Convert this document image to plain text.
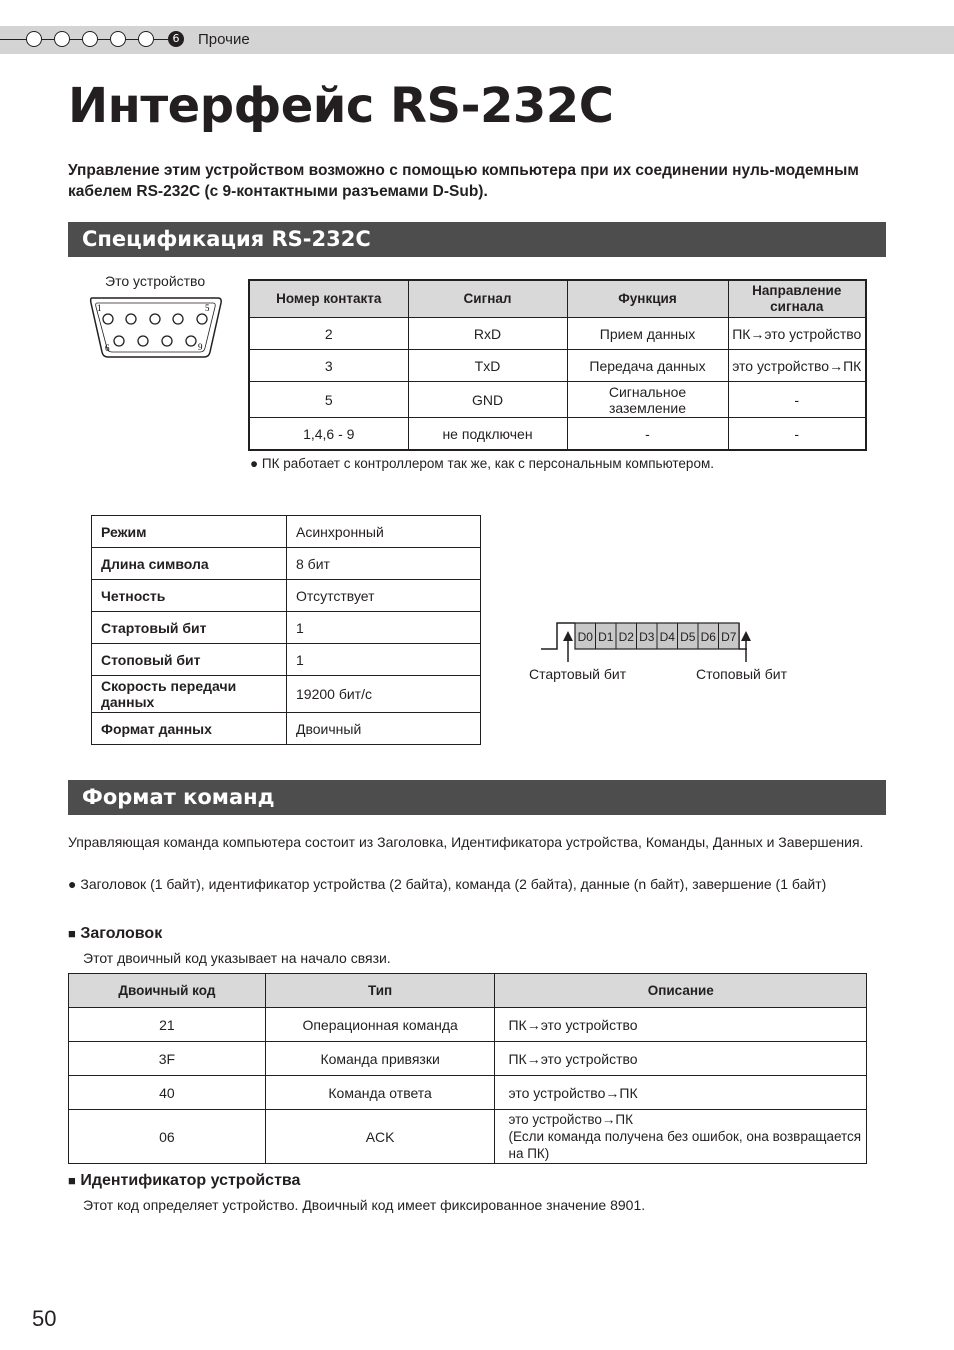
6	Прочие
Интерфейс RS-232C
Управление этим устройством возможно с помощью компьютера при их соединении нуль-модемным кабелем RS-232C (с 9-контактными разъемами D-Sub).
Спецификация RS-232C
Это устройство
1	5
6	9
Номер контакта	Сигнал	Функция	Направление сигнала
2	RxD	Прием данных	ПК→это устройство
3	TxD	Передача данных	это устройство→ПК
5	GND	Сигнальное заземление	-
1,4,6 - 9	не подключен	-	-
● ПК работает с контроллером так же, как с персональным компьютером.
Режим	Асинхронный
Длина символа	8 бит
Четность	Отсутствует
Стартовый бит	1
Стоповый бит	1
Скорость передачи данных	19200 бит/с
Формат данных	Двоичный
D0 D1 D2 D3 D4 D5 D6 D7
Стартовый бит	Стоповый бит
Формат команд
Управляющая команда компьютера состоит из Заголовка, Идентификатора устройства, Команды, Данных и Завершения.
● Заголовок (1 байт), идентификатор устройства (2 байта), команда (2 байта), данные (n байт), завершение (1 байт)
■ Заголовок
Этот двоичный код указывает на начало связи.
Двоичный код	Тип	Описание
21	Операционная команда	ПК→это устройство
3F	Команда привязки	ПК→это устройство
40	Команда ответа	это устройство→ПК
06	ACK	это устройство→ПК
(Если команда получена без ошибок, она возвращается на ПК)
■ Идентификатор устройства
Этот код определяет устройство. Двоичный код имеет фиксированное значение 8901.
50
